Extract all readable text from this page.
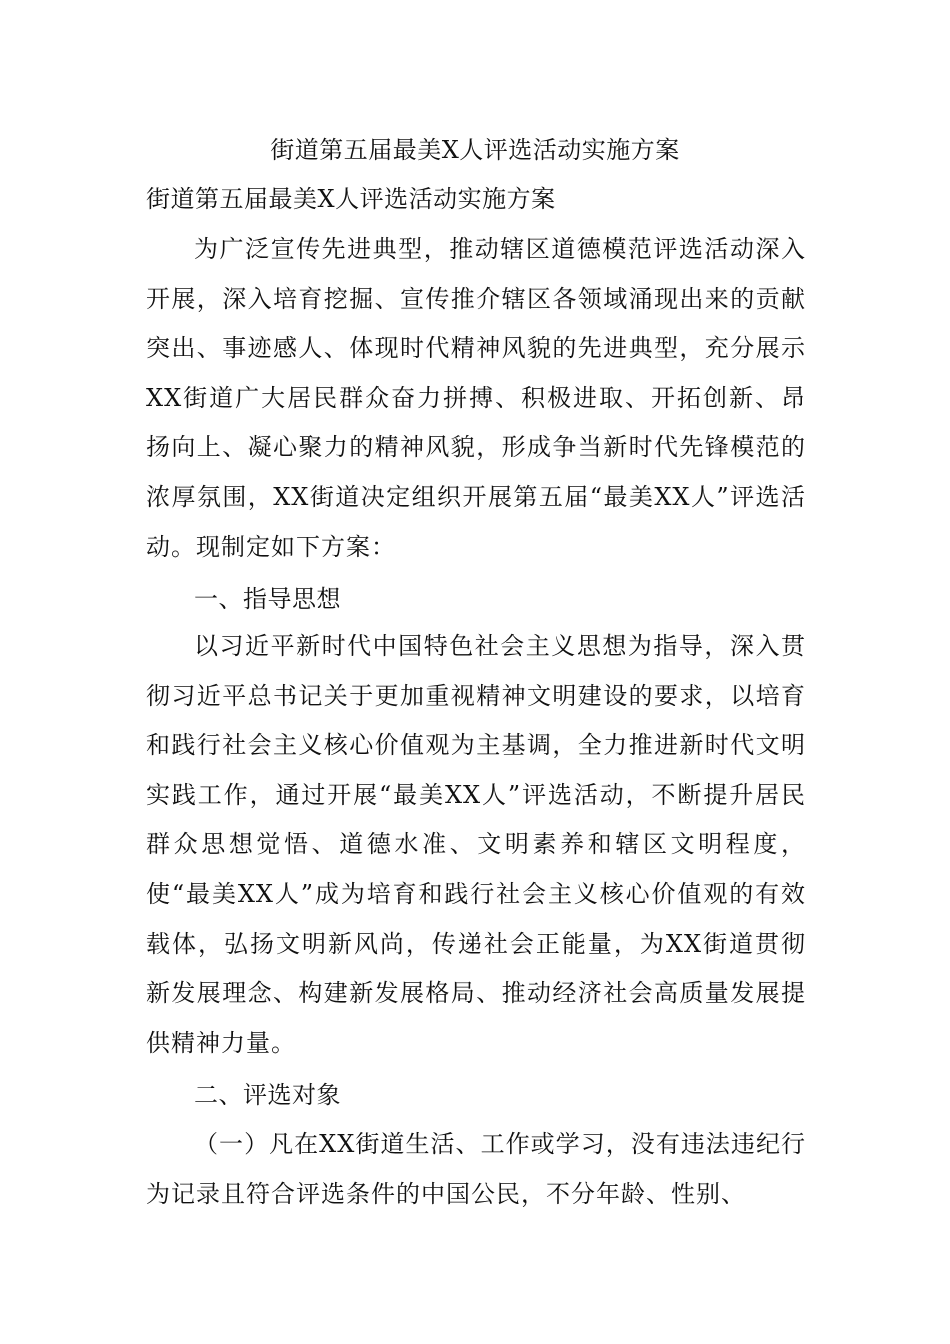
街道第五届最美X人评选活动实施方案
街道第五届最美X人评选活动实施方案

为广泛宣传先进典型，推动辖区道德模范评选活动深入开展，深入培育挖掘、宣传推介辖区各领域涌现出来的贡献突出、事迹感人、体现时代精神风貌的先进典型，充分展示XX街道广大居民群众奋力拼搏、积极进取、开拓创新、昂扬向上、凝心聚力的精神风貌，形成争当新时代先锋模范的浓厚氛围，XX街道决定组织开展第五届“最美XX人”评选活动。现制定如下方案：

一、指导思想

以习近平新时代中国特色社会主义思想为指导，深入贯彻习近平总书记关于更加重视精神文明建设的要求，以培育和践行社会主义核心价值观为主基调，全力推进新时代文明实践工作，通过开展“最美XX人”评选活动，不断提升居民群众思想觉悟、道德水准、文明素养和辖区文明程度，使“最美XX人”成为培育和践行社会主义核心价值观的有效载体，弘扬文明新风尚，传递社会正能量，为XX街道贯彻新发展理念、构建新发展格局、推动经济社会高质量发展提供精神力量。

二、评选对象

（一）凡在XX街道生活、工作或学习，没有违法违纪行为记录且符合评选条件的中国公民，不分年龄、性别、
